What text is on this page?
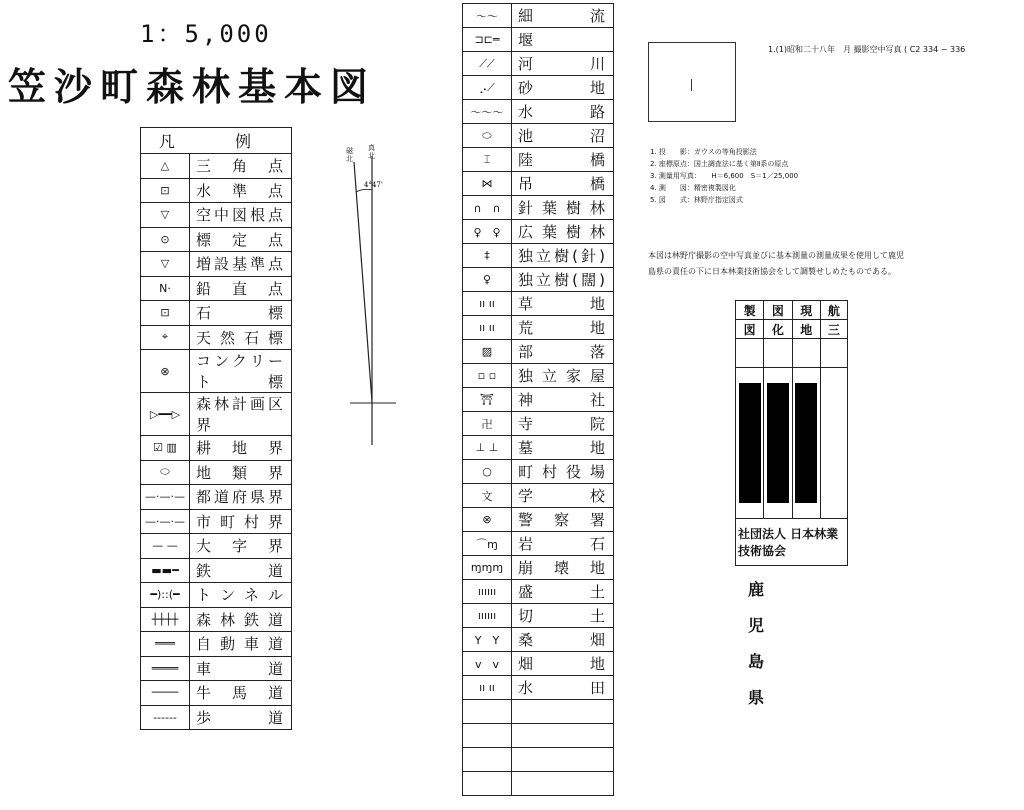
1：5,000
笠沙町森林基本図
凡　例	
△	三角点
⊡	水準点
▽	空中図根点
⊙	標定点
▽	増設基準点
N·	鉛直点
⊡	石標
⌖	天然石標
⊗	コンクリート標
▷━━▷	森林計画区界
☑ ▥	耕地界
⬭	地類界
—·—·—	都道府県界
—·—·—	市町村界
— —	大字界
▬▬━	鉄道
━)::(━	トンネル
┼┼┼┼	森林鉄道
═══	自動車道
════	車道
────	牛馬道
------	歩道
4°47'
磁北
真北
〜〜	細流
⊐⊏═	堰
⟋⟋	河川
⡠⟋	砂地
～～～	水路
⬭	池沼
⌶	陸橋
⋈	吊橋
∩　∩	針葉樹林
♀　♀	広葉樹林
‡	独立樹(針)
♀	独立樹(闊)
ıı ıı	草地
ıı ıı	荒地
▨	部落
▫ ▫	独立家屋
⛩	神社
卍	寺院
⊥ ⊥	墓地
○	町村役場
文	学校
⊗	警察署
⌒ɱ	岩石
ɱɱɱ	崩壊地
ıııııı	盛土
ıııııı	切土
Y　Y	桑畑
v　v	畑地
ıı ıı	水田

1.(1)昭和二十八年　月 撮影空中写真 ( C2 334 − 336
1. 投　　影：ガウスの等角投影法
2. 座標原点：国土調査法に基く第Ⅱ系の原点
3. 測量用写真：　　H＝6,600　S＝1／25,000
4. 測　　図：精密複製図化
5. 図　　式：林野庁指定図式
本図は林野庁撮影の空中写真並びに基本測量の測量成果を使用して鹿児
島県の責任の下に日本林業技術協会をして調製せしめたものである。
製	図	現	航
図	化	地	三

社団法人 日本林業技術協会			
鹿児島県
